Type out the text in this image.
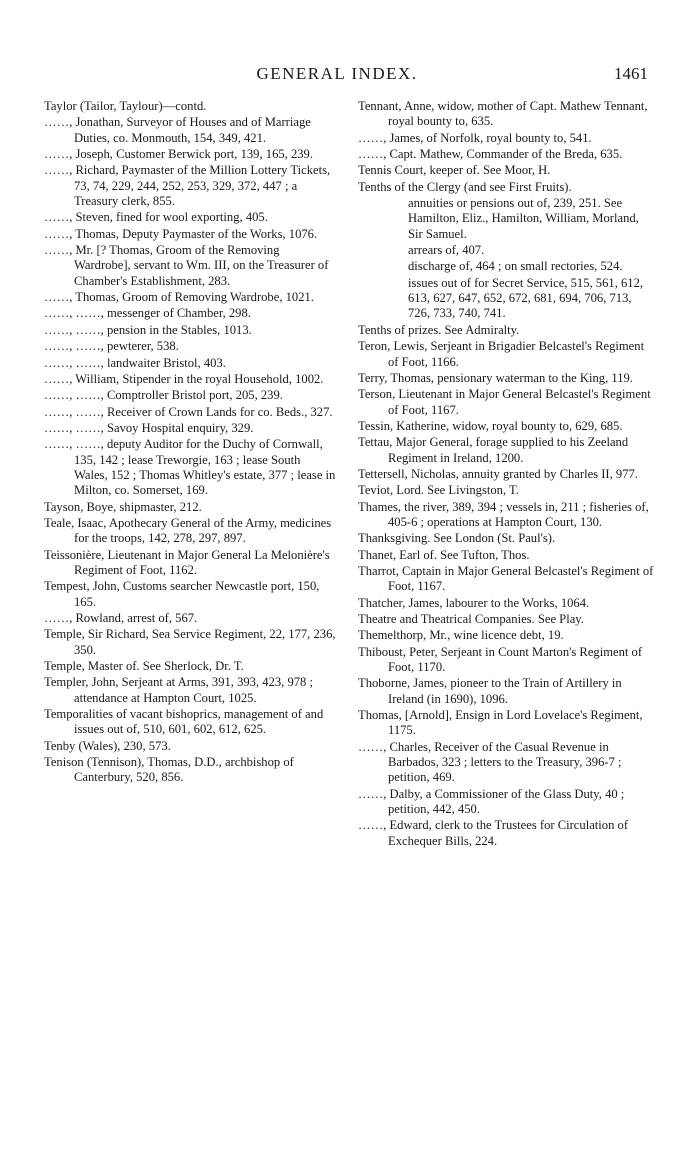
GENERAL INDEX.	1461

Taylor (Tailor, Taylour)—contd.

……, Jonathan, Surveyor of Houses and of Marriage Duties, co. Monmouth, 154, 349, 421.

……, Joseph, Customer Berwick port, 139, 165, 239.

……, Richard, Paymaster of the Million Lottery Tickets, 73, 74, 229, 244, 252, 253, 329, 372, 447 ; a Treasury clerk, 855.

……, Steven, fined for wool exporting, 405.

……, Thomas, Deputy Paymaster of the Works, 1076.

……, Mr. [? Thomas, Groom of the Removing Wardrobe], servant to Wm. III, on the Treasurer of Chamber's Establishment, 283.

……, Thomas, Groom of Removing Wardrobe, 1021.

……, ……, messenger of Chamber, 298.

……, ……, pension in the Stables, 1013.

……, ……, pewterer, 538.

……, ……, landwaiter Bristol, 403.

……, William, Stipender in the royal Household, 1002.

……, ……, Comptroller Bristol port, 205, 239.

……, ……, Receiver of Crown Lands for co. Beds., 327.

……, ……, Savoy Hospital enquiry, 329.

……, ……, deputy Auditor for the Duchy of Cornwall, 135, 142 ; lease Treworgie, 163 ; lease South Wales, 152 ; Thomas Whitley's estate, 377 ; lease in Milton, co. Somerset, 169.

Tayson, Boye, shipmaster, 212.

Teale, Isaac, Apothecary General of the Army, medicines for the troops, 142, 278, 297, 897.

Teissonière, Lieutenant in Major General La Melonière's Regiment of Foot, 1162.

Tempest, John, Customs searcher Newcastle port, 150, 165.

……, Rowland, arrest of, 567.

Temple, Sir Richard, Sea Service Regiment, 22, 177, 236, 350.

Temple, Master of. See Sherlock, Dr. T.

Templer, John, Serjeant at Arms, 391, 393, 423, 978 ; attendance at Hampton Court, 1025.

Temporalities of vacant bishoprics, management of and issues out of, 510, 601, 602, 612, 625.

Tenby (Wales), 230, 573.

Tenison (Tennison), Thomas, D.D., archbishop of Canterbury, 520, 856.

Tennant, Anne, widow, mother of Capt. Mathew Tennant, royal bounty to, 635.

……, James, of Norfolk, royal bounty to, 541.

……, Capt. Mathew, Commander of the Breda, 635.

Tennis Court, keeper of. See Moor, H.

Tenths of the Clergy (and see First Fruits).

annuities or pensions out of, 239, 251. See Hamilton, Eliz., Hamilton, William, Morland, Sir Samuel.

arrears of, 407.

discharge of, 464 ; on small rectories, 524.

issues out of for Secret Service, 515, 561, 612, 613, 627, 647, 652, 672, 681, 694, 706, 713, 726, 733, 740, 741.

Tenths of prizes. See Admiralty.

Teron, Lewis, Serjeant in Brigadier Belcastel's Regiment of Foot, 1166.

Terry, Thomas, pensionary waterman to the King, 119.

Terson, Lieutenant in Major General Belcastel's Regiment of Foot, 1167.

Tessin, Katherine, widow, royal bounty to, 629, 685.

Tettau, Major General, forage supplied to his Zeeland Regiment in Ireland, 1200.

Tettersell, Nicholas, annuity granted by Charles II, 977.

Teviot, Lord. See Livingston, T.

Thames, the river, 389, 394 ; vessels in, 211 ; fisheries of, 405-6 ; operations at Hampton Court, 130.

Thanksgiving. See London (St. Paul's).

Thanet, Earl of. See Tufton, Thos.

Tharrot, Captain in Major General Belcastel's Regiment of Foot, 1167.

Thatcher, James, labourer to the Works, 1064.

Theatre and Theatrical Companies. See Play.

Themelthorp, Mr., wine licence debt, 19.

Thiboust, Peter, Serjeant in Count Marton's Regiment of Foot, 1170.

Thoborne, James, pioneer to the Train of Artillery in Ireland (in 1690), 1096.

Thomas, [Arnold], Ensign in Lord Lovelace's Regiment, 1175.

……, Charles, Receiver of the Casual Revenue in Barbados, 323 ; letters to the Treasury, 396-7 ; petition, 469.

……, Dalby, a Commissioner of the Glass Duty, 40 ; petition, 442, 450.

……, Edward, clerk to the Trustees for Circulation of Exchequer Bills, 224.
